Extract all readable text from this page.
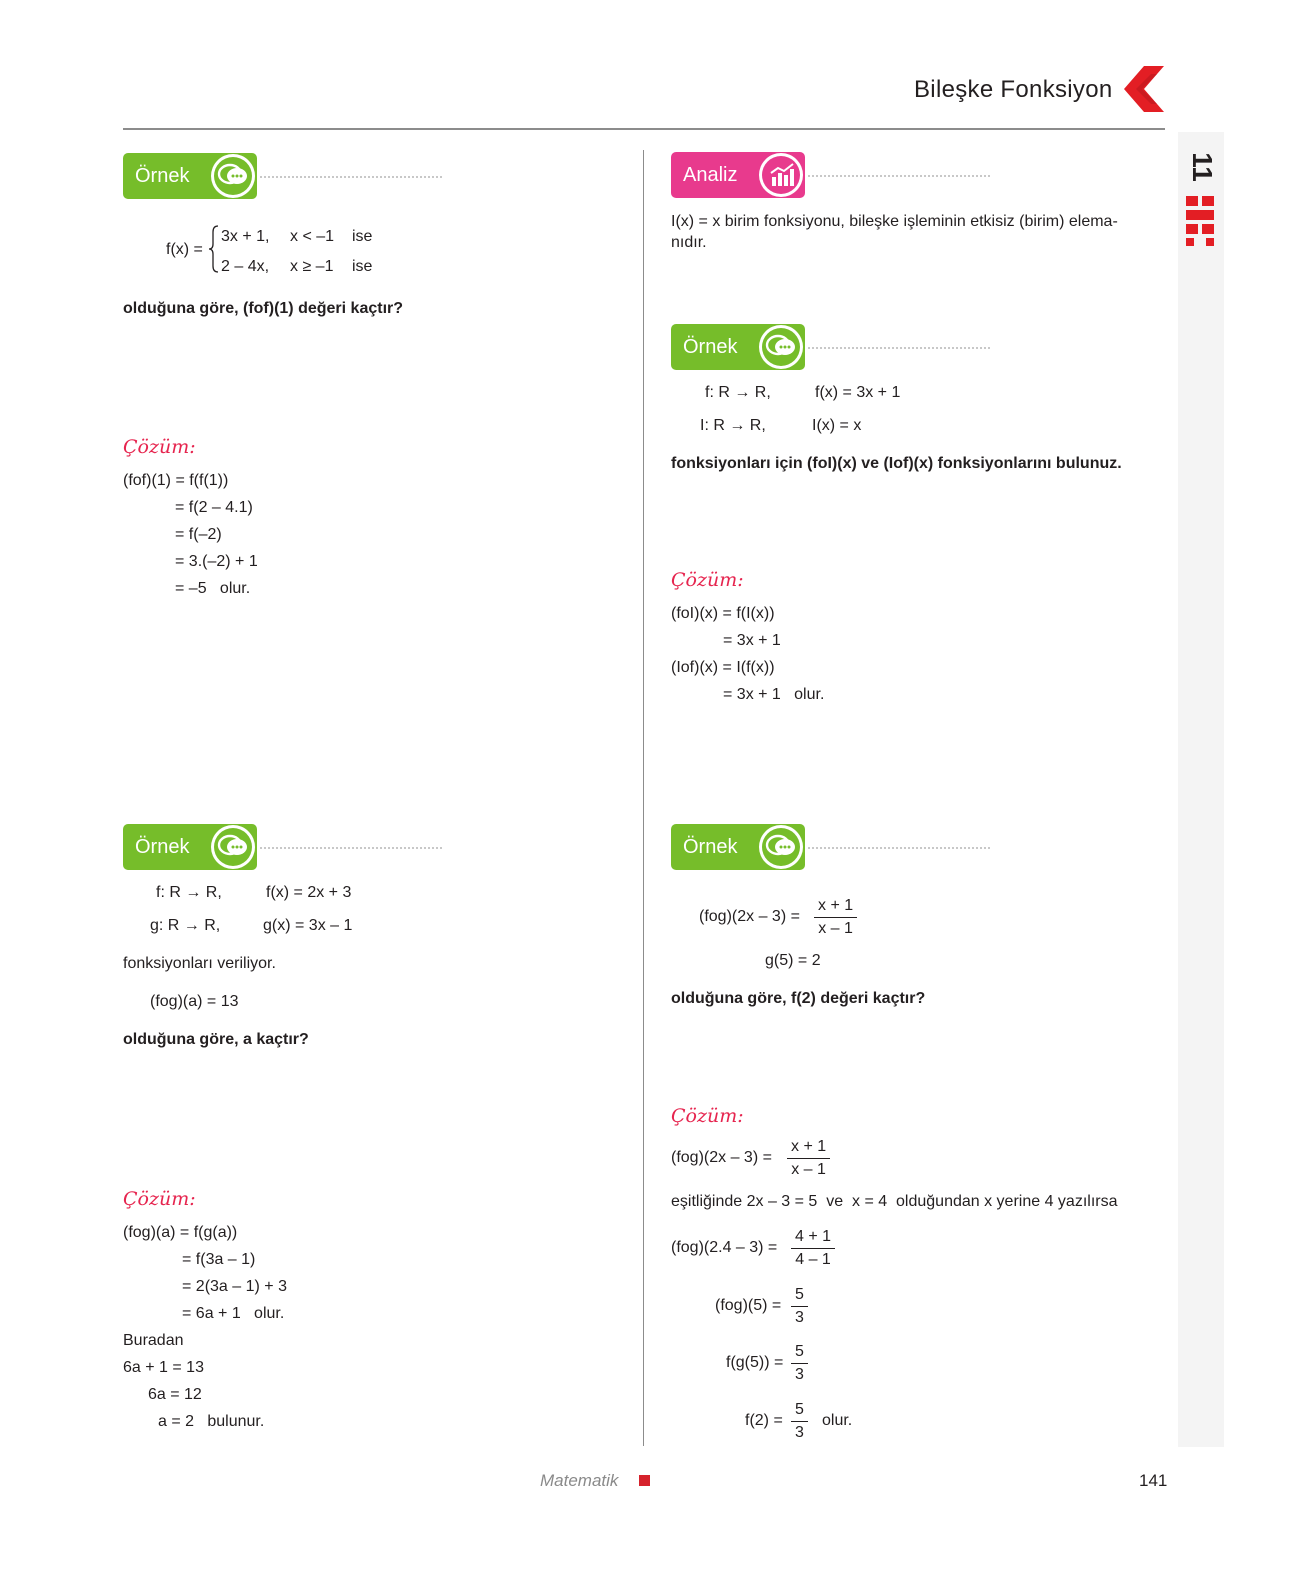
Bileşke Fonksiyon
11
Örnek
f(x) =
3x + 1, x < –1 ise
2 – 4x, x ≥ –1 ise
olduğuna göre, (fof)(1) değeri kaçtır?
Çözüm:
(fof)(1) = f(f(1))
= f(2 – 4.1)
= f(–2)
= 3.(–2) + 1
= –5   olur.
Örnek
f: R → R,	f(x) = 2x + 3
g: R → R,	g(x) = 3x – 1
fonksiyonları veriliyor.
(fog)(a) = 13
olduğuna göre, a kaçtır?
Çözüm:
(fog)(a) = f(g(a))
= f(3a – 1)
= 2(3a – 1) + 3
= 6a + 1   olur.
Buradan
6a + 1 = 13
6a = 12
a = 2   bulunur.
Analiz
I(x) = x birim fonksiyonu, bileşke işleminin etkisiz (birim) elema-
nıdır.
Örnek
f: R → R,	f(x) = 3x + 1
I: R → R,	I(x) = x
fonksiyonları için (foI)(x) ve (Iof)(x) fonksiyonlarını bulunuz.
Çözüm:
(foI)(x) = f(I(x))
= 3x + 1
(Iof)(x) = I(f(x))
= 3x + 1   olur.
Örnek
$(fog)(2x - 3) = \frac{x + 1}{x - 1}$
g(5) = 2
olduğuna göre, f(2) değeri kaçtır?
Çözüm:
$(fog)(2x - 3) = \frac{x + 1}{x - 1}$
eşitliğinde 2x – 3 = 5  ve  x = 4  olduğundan x yerine 4 yazılırsa
$(fog)(2.4 - 3) = \frac{4 + 1}{4 - 1}$
$(fog)(5) = \frac{5}{3}$
$f(g(5)) = \frac{5}{3}$
$f(2) = \frac{5}{3}$ olur.
Matematik	141
